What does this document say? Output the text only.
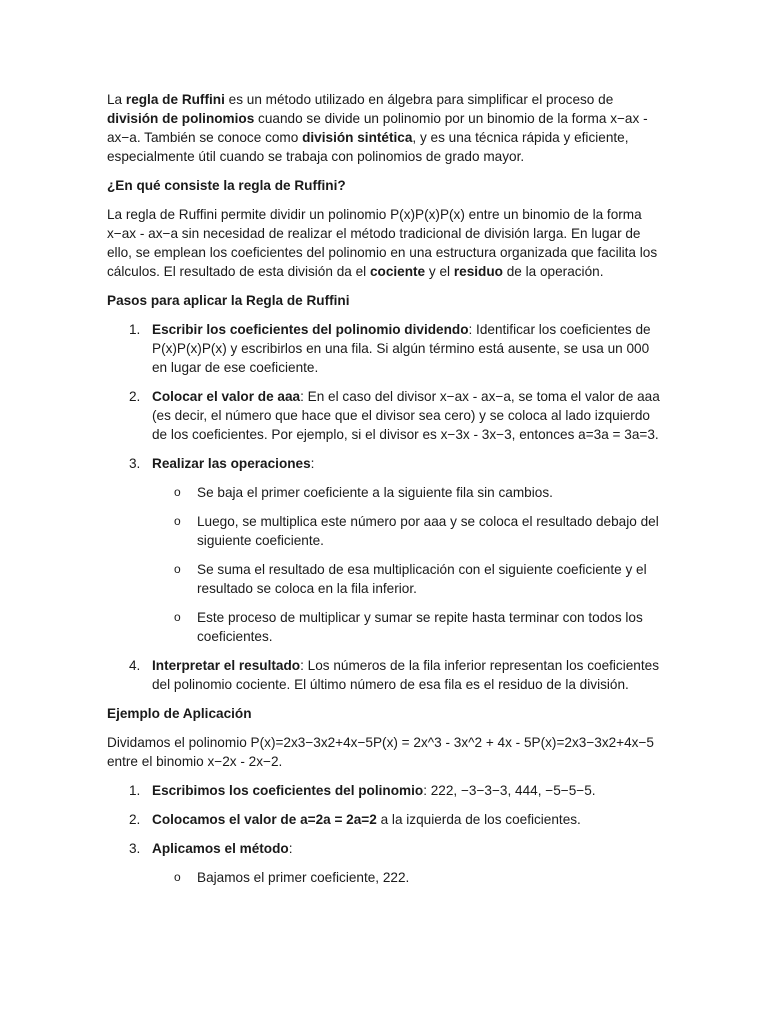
La regla de Ruffini es un método utilizado en álgebra para simplificar el proceso de división de polinomios cuando se divide un polinomio por un binomio de la forma x−ax - ax−a. También se conoce como división sintética, y es una técnica rápida y eficiente, especialmente útil cuando se trabaja con polinomios de grado mayor.

¿En qué consiste la regla de Ruffini?

La regla de Ruffini permite dividir un polinomio P(x)P(x)P(x) entre un binomio de la forma x−ax - ax−a sin necesidad de realizar el método tradicional de división larga. En lugar de ello, se emplean los coeficientes del polinomio en una estructura organizada que facilita los cálculos. El resultado de esta división da el cociente y el residuo de la operación.

Pasos para aplicar la Regla de Ruffini

1. Escribir los coeficientes del polinomio dividendo: Identificar los coeficientes de P(x)P(x)P(x) y escribirlos en una fila. Si algún término está ausente, se usa un 000 en lugar de ese coeficiente.
2. Colocar el valor de aaa: En el caso del divisor x−ax - ax−a, se toma el valor de aaa (es decir, el número que hace que el divisor sea cero) y se coloca al lado izquierdo de los coeficientes. Por ejemplo, si el divisor es x−3x - 3x−3, entonces a=3a = 3a=3.
3. Realizar las operaciones:
o Se baja el primer coeficiente a la siguiente fila sin cambios.
o Luego, se multiplica este número por aaa y se coloca el resultado debajo del siguiente coeficiente.
o Se suma el resultado de esa multiplicación con el siguiente coeficiente y el resultado se coloca en la fila inferior.
o Este proceso de multiplicar y sumar se repite hasta terminar con todos los coeficientes.
4. Interpretar el resultado: Los números de la fila inferior representan los coeficientes del polinomio cociente. El último número de esa fila es el residuo de la división.

Ejemplo de Aplicación

Dividamos el polinomio P(x)=2x3−3x2+4x−5P(x) = 2x^3 - 3x^2 + 4x - 5P(x)=2x3−3x2+4x−5 entre el binomio x−2x - 2x−2.

1. Escribimos los coeficientes del polinomio: 222, −3−3−3, 444, −5−5−5.
2. Colocamos el valor de a=2a = 2a=2 a la izquierda de los coeficientes.
3. Aplicamos el método:
o Bajamos el primer coeficiente, 222.
